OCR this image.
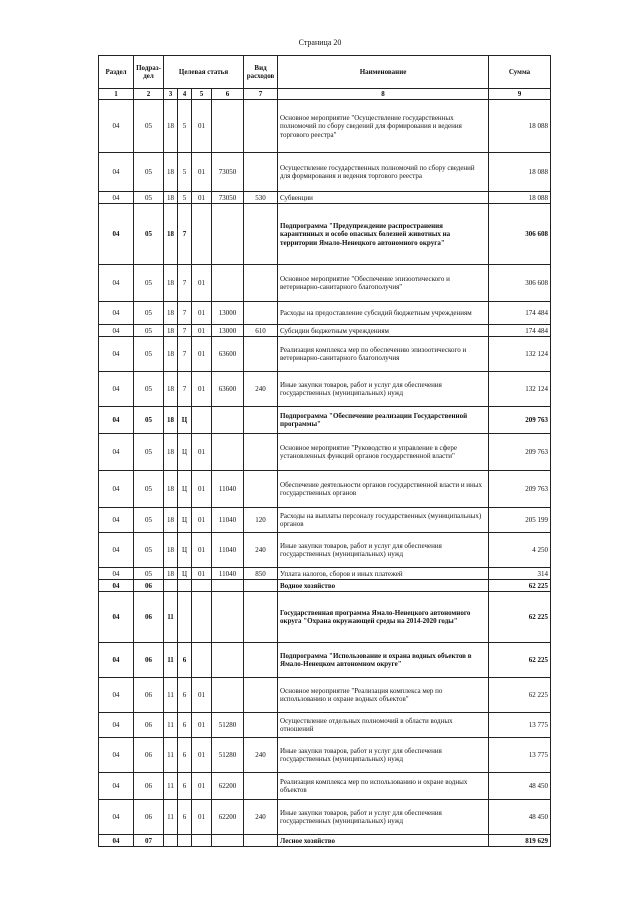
Страница 20
Раздел	Подраз-дел	Целевая статья				Вид расходов	Наименование	Сумма
1	2	3	4	5	6	7	8	9
04	05	18	5	01			Основное мероприятие "Осуществление государственных полномочий по сбору сведений для формирования и ведения торгового реестра"	18 088
04	05	18	5	01	73050		Осуществление государственных полномочий по сбору сведений для формирования и ведения торгового реестра	18 088
04	05	18	5	01	73050	530	Субвенции	18 088
04	05	18	7				Подпрограмма "Предупреждение распространения карантинных и особо опасных болезней животных на территории Ямало-Ненецкого автономного округа"	306 608
04	05	18	7	01			Основное мероприятие "Обеспечение эпизоотического и ветеринарно-санитарного благополучия"	306 608
04	05	18	7	01	13000		Расходы на предоставление субсидий бюджетным учреждениям	174 484
04	05	18	7	01	13000	610	Субсидии бюджетным учреждениям	174 484
04	05	18	7	01	63600		Реализация комплекса мер по обеспечению эпизоотического и ветеринарно-санитарного благополучия	132 124
04	05	18	7	01	63600	240	Иные закупки товаров, работ и услуг для обеспечения государственных (муниципальных) нужд	132 124
04	05	18	Ц				Подпрограмма "Обеспечение реализации Государственной программы"	209 763
04	05	18	Ц	01			Основное мероприятие "Руководство и управление в сфере установленных функций органов государственной власти"	209 763
04	05	18	Ц	01	11040		Обеспечение деятельности органов государственной власти и иных государственных органов	209 763
04	05	18	Ц	01	11040	120	Расходы на выплаты персоналу государственных (муниципальных) органов	205 199
04	05	18	Ц	01	11040	240	Иные закупки товаров, работ и услуг для обеспечения государственных (муниципальных) нужд	4 250
04	05	18	Ц	01	11040	850	Уплата налогов, сборов и иных платежей	314
04	06						Водное хозяйство	62 225
04	06	11					Государственная программа Ямало-Ненецкого автономного округа "Охрана окружающей среды на 2014-2020 годы"	62 225
04	06	11	6				Подпрограмма "Использование и охрана водных объектов в Ямало-Ненецком автономном округе"	62 225
04	06	11	6	01			Основное мероприятие "Реализация комплекса мер по использованию и охране водных объектов"	62 225
04	06	11	6	01	51280		Осуществление отдельных полномочий в области водных отношений	13 775
04	06	11	6	01	51280	240	Иные закупки товаров, работ и услуг для обеспечения государственных (муниципальных) нужд	13 775
04	06	11	6	01	62200		Реализация комплекса мер по использованию и охране водных объектов	48 450
04	06	11	6	01	62200	240	Иные закупки товаров, работ и услуг для обеспечения государственных (муниципальных) нужд	48 450
04	07						Лесное хозяйство	819 629
